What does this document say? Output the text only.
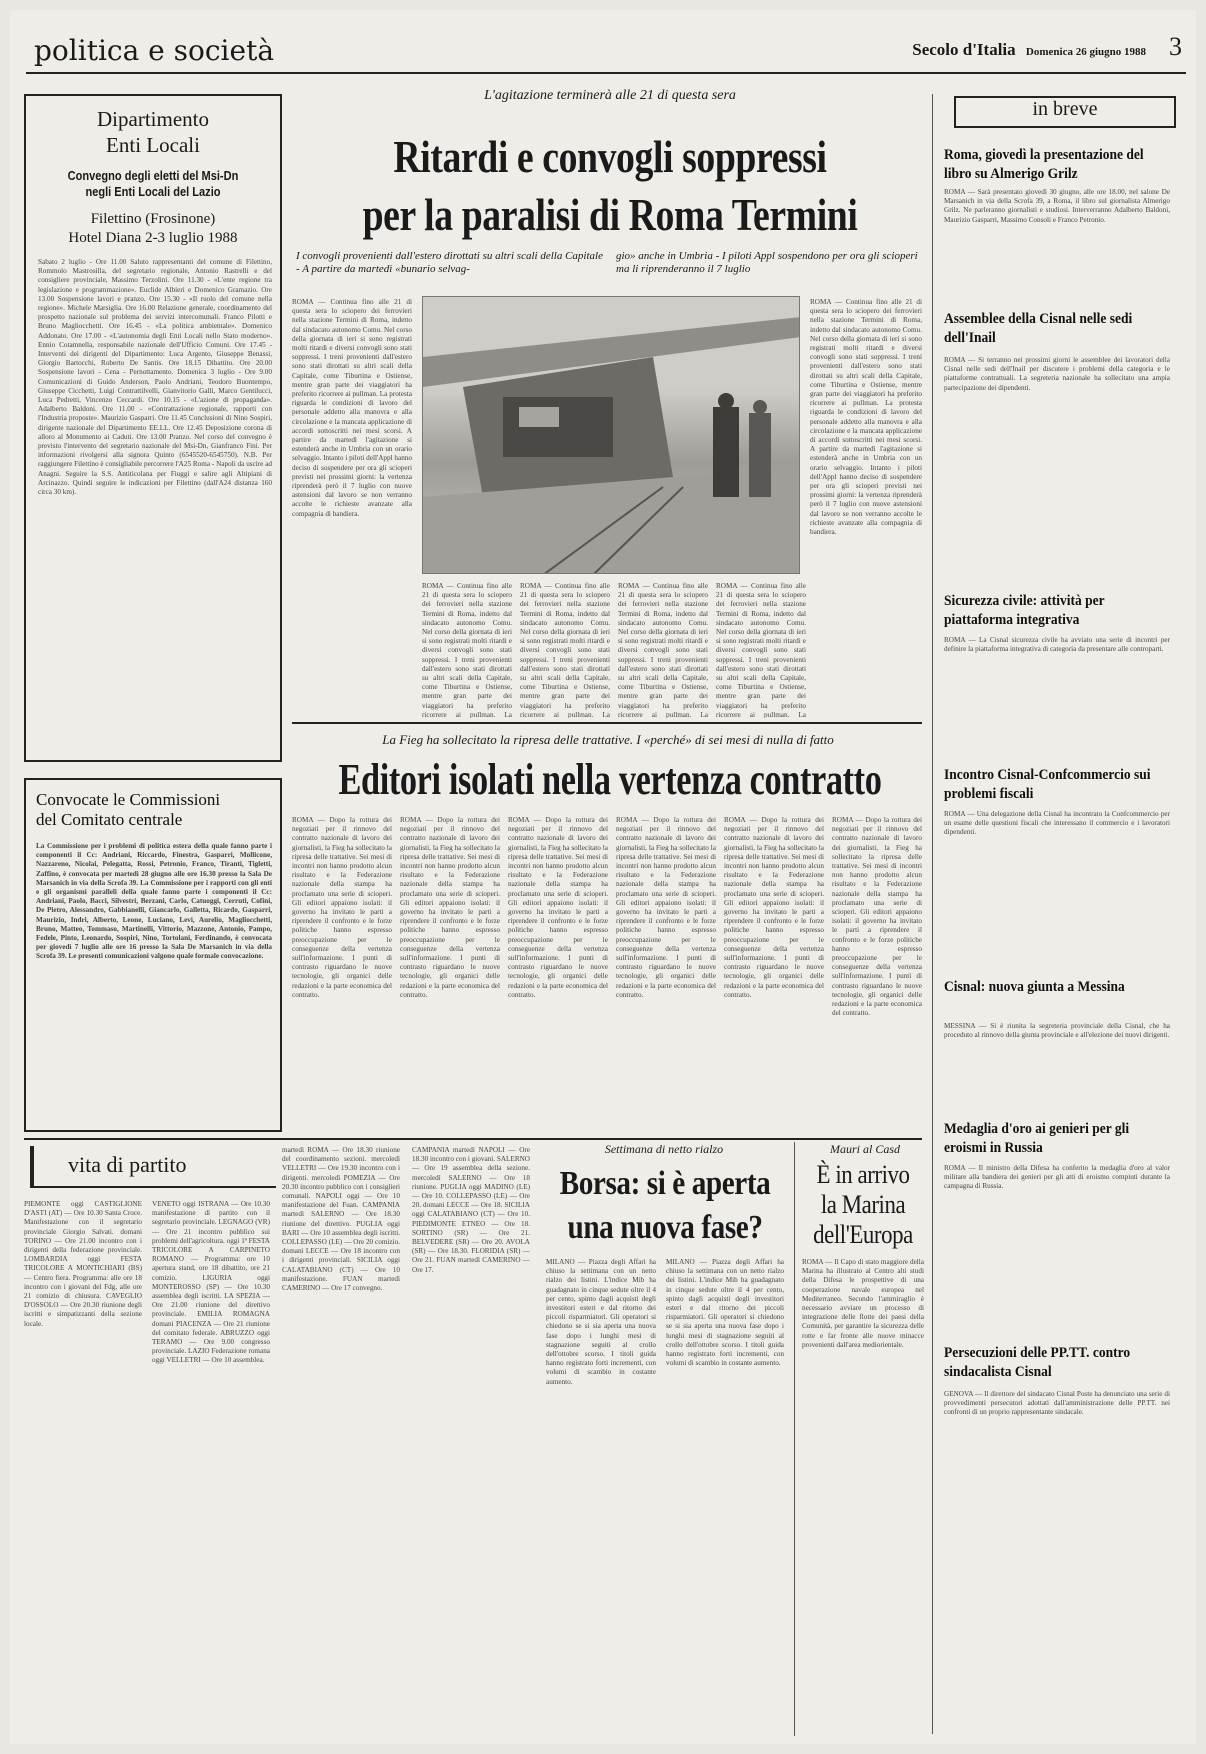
politica e società	Secolo d'Italia Domenica 26 giugno 1988 3
Dipartimento
Enti Locali
Convegno degli eletti del Msi-Dn
negli Enti Locali del Lazio
Filettino (Frosinone)
Hotel Diana 2-3 luglio 1988
Sabato 2 luglio - Ore 11.00 Saluto rappresentanti del comune di Filettino, Rommolo Mastrosilla, del segretario regionale, Antonio Rastrelli e del consigliere provinciale, Massimo Terzolini. Ore 11.30 - «L'ente regione tra legislazione e programmazione». Euclide Albieri e Domenico Gramazio. Ore 13.00 Sospensione lavori e pranzo. Ore 15.30 - «Il ruolo del comune nella regione». Michele Marsiglia. Ore 16.00 Relazione generale, coordinamento del prospetto nazionale sul problema dei servizi intercomunali. Franco Pilotti e Bruno Magliocchetti. Ore 16.45 - «La politica ambientale». Domenico Addonato. Ore 17.00 - «L'autonomia degli Enti Locali nello Stato moderno». Ennio Cotamnella, responsabile nazionale dell'Ufficio Comuni. Ore 17.45 - Interventi dei dirigenti del Dipartimento: Luca Argento, Giuseppe Benassi, Giorgio Bartocchi, Roberto De Santis. Ore 18.15 Dibattito. Ore 20.00 Sospensione lavori - Cena - Pernottamento. Domenica 3 luglio - Ore 9.00 Comunicazioni di Guido Anderson, Paolo Andriani, Teodoro Buontempo, Giuseppe Cicchetti, Luigi Contrattilvelli, Gianvitorio Galli, Marco Gentilucci, Luca Pedretti, Vincenzo Ceccardi. Ore 10.15 - «L'azione di propaganda». Adalberto Baldoni. Ore 11.00 - «Contrattazione regionale, rapporti con l'Industria proposte». Maurizio Gasparri. Ore 11.45 Conclusioni di Nino Sospiri, dirigente nazionale del Dipartimento EE.LL. Ore 12.45 Deposizione corona di alloro al Monumento ai Caduti. Ore 13.00 Pranzo. Nel corso del convegno è previsto l'intervento del segretario nazionale del Msi-Dn, Gianfranco Fini. Per informazioni rivolgersi alla signora Quinto (6545520-6545750). N.B. Per raggiungere Filettino è consigliabile percorrere l'A25 Roma - Napoli da uscire ad Anagni. Seguire la S.S. Antiticolana per Fiuggi e salire agli Altipiani di Arcinazzo. Quindi seguire le indicazioni per Filettino (dall'A24 distanza 160 circa 30 km).
L'agitazione terminerà alle 21 di questa sera
Ritardi e convogli soppressi
per la paralisi di Roma Termini
I convogli provenienti dall'estero dirottati su altri scali della Capitale - A partire da martedì «bunario selvag-
gio» anche in Umbria - I piloti Appl sospendono per ora gli scioperi ma li riprenderanno il 7 luglio
ROMA — Continua fino alle 21 di questa sera lo sciopero dei ferrovieri nella stazione Termini di Roma, indetto dal sindacato autonomo Comu. Nel corso della giornata di ieri si sono registrati molti ritardi e diversi convogli sono stati soppressi. I treni provenienti dall'estero sono stati dirottati su altri scali della Capitale, come Tiburtina e Ostiense, mentre gran parte dei viaggiatori ha preferito ricorrere ai pullman. La protesta riguarda le condizioni di lavoro del personale addetto alla manovra e alla circolazione e la mancata applicazione di accordi sottoscritti nei mesi scorsi. A partire da martedì l'agitazione si estenderà anche in Umbria con un orario selvaggio. Intanto i piloti dell'Appl hanno deciso di sospendere per ora gli scioperi previsti nei prossimi giorni: la vertenza riprenderà però il 7 luglio con nuove astensioni dal lavoro se non verranno accolte le richieste avanzate alla compagnia di bandiera.
ROMA — Continua fino alle 21 di questa sera lo sciopero dei ferrovieri nella stazione Termini di Roma, indetto dal sindacato autonomo Comu. Nel corso della giornata di ieri si sono registrati molti ritardi e diversi convogli sono stati soppressi. I treni provenienti dall'estero sono stati dirottati su altri scali della Capitale, come Tiburtina e Ostiense, mentre gran parte dei viaggiatori ha preferito ricorrere ai pullman. La
ROMA — Continua fino alle 21 di questa sera lo sciopero dei ferrovieri nella stazione Termini di Roma, indetto dal sindacato autonomo Comu. Nel corso della giornata di ieri si sono registrati molti ritardi e diversi convogli sono stati soppressi. I treni provenienti dall'estero sono stati dirottati su altri scali della Capitale, come Tiburtina e Ostiense, mentre gran parte dei viaggiatori ha preferito ricorrere ai pullman. La
ROMA — Continua fino alle 21 di questa sera lo sciopero dei ferrovieri nella stazione Termini di Roma, indetto dal sindacato autonomo Comu. Nel corso della giornata di ieri si sono registrati molti ritardi e diversi convogli sono stati soppressi. I treni provenienti dall'estero sono stati dirottati su altri scali della Capitale, come Tiburtina e Ostiense, mentre gran parte dei viaggiatori ha preferito ricorrere ai pullman. La
ROMA — Continua fino alle 21 di questa sera lo sciopero dei ferrovieri nella stazione Termini di Roma, indetto dal sindacato autonomo Comu. Nel corso della giornata di ieri si sono registrati molti ritardi e diversi convogli sono stati soppressi. I treni provenienti dall'estero sono stati dirottati su altri scali della Capitale, come Tiburtina e Ostiense, mentre gran parte dei viaggiatori ha preferito ricorrere ai pullman. La
ROMA — Continua fino alle 21 di questa sera lo sciopero dei ferrovieri nella stazione Termini di Roma, indetto dal sindacato autonomo Comu. Nel corso della giornata di ieri si sono registrati molti ritardi e diversi convogli sono stati soppressi. I treni provenienti dall'estero sono stati dirottati su altri scali della Capitale, come Tiburtina e Ostiense, mentre gran parte dei viaggiatori ha preferito ricorrere ai pullman. La protesta riguarda le condizioni di lavoro del personale addetto alla manovra e alla circolazione e la mancata applicazione di accordi sottoscritti nei mesi scorsi. A partire da martedì l'agitazione si estenderà anche in Umbria con un orario selvaggio. Intanto i piloti dell'Appl hanno deciso di sospendere per ora gli scioperi previsti nei prossimi giorni: la vertenza riprenderà però il 7 luglio con nuove astensioni dal lavoro se non verranno accolte le richieste avanzate alla compagnia di bandiera.
in breve
Roma, giovedì la presentazione del libro su Almerigo Grilz
ROMA — Sarà presentato giovedì 30 giugno, alle ore 18.00, nel salone De Marsanich in via della Scrofa 39, a Roma, il libro sul giornalista Almerigo Grilz. Ne parleranno giornalisti e studiosi. Interverranno Adalberto Baldoni, Maurizio Gasparri, Massimo Consoli e Franco Petronio.
Assemblee della Cisnal nelle sedi dell'Inail
ROMA — Si terranno nei prossimi giorni le assemblee dei lavoratori della Cisnal nelle sedi dell'Inail per discutere i problemi della categoria e le piattaforme contrattuali. La segreteria nazionale ha sollecitato una ampia partecipazione dei dipendenti.
Sicurezza civile: attività per piattaforma integrativa
ROMA — La Cisnal sicurezza civile ha avviato una serie di incontri per definire la piattaforma integrativa di categoria da presentare alle controparti.
Incontro Cisnal-Confcommercio sui problemi fiscali
ROMA — Una delegazione della Cisnal ha incontrato la Confcommercio per un esame delle questioni fiscali che interessano il commercio e i lavoratori dipendenti.
Cisnal: nuova giunta a Messina
MESSINA — Si è riunita la segreteria provinciale della Cisnal, che ha proceduto al rinnovo della giunta provinciale e all'elezione dei nuovi dirigenti.
Medaglia d'oro ai genieri per gli eroismi in Russia
ROMA — Il ministro della Difesa ha conferito la medaglia d'oro al valor militare alla bandiera dei genieri per gli atti di eroismo compiuti durante la campagna di Russia.
Persecuzioni delle PP.TT. contro sindacalista Cisnal
GENOVA — Il direttore del sindacato Cisnal Poste ha denunciato una serie di provvedimenti persecutori adottati dall'amministrazione delle PP.TT. nei confronti di un proprio rappresentante sindacale.
La Fieg ha sollecitato la ripresa delle trattative. I «perché» di sei mesi di nulla di fatto
Editori isolati nella vertenza contratto
ROMA — Dopo la rottura dei negoziati per il rinnovo del contratto nazionale di lavoro dei giornalisti, la Fieg ha sollecitato la ripresa delle trattative. Sei mesi di incontri non hanno prodotto alcun risultato e la Federazione nazionale della stampa ha proclamato una serie di scioperi. Gli editori appaiono isolati: il governo ha invitato le parti a riprendere il confronto e le forze politiche hanno espresso preoccupazione per le conseguenze della vertenza sull'informazione. I punti di contrasto riguardano le nuove tecnologie, gli organici delle redazioni e la parte economica del contratto.
ROMA — Dopo la rottura dei negoziati per il rinnovo del contratto nazionale di lavoro dei giornalisti, la Fieg ha sollecitato la ripresa delle trattative. Sei mesi di incontri non hanno prodotto alcun risultato e la Federazione nazionale della stampa ha proclamato una serie di scioperi. Gli editori appaiono isolati: il governo ha invitato le parti a riprendere il confronto e le forze politiche hanno espresso preoccupazione per le conseguenze della vertenza sull'informazione. I punti di contrasto riguardano le nuove tecnologie, gli organici delle redazioni e la parte economica del contratto.
ROMA — Dopo la rottura dei negoziati per il rinnovo del contratto nazionale di lavoro dei giornalisti, la Fieg ha sollecitato la ripresa delle trattative. Sei mesi di incontri non hanno prodotto alcun risultato e la Federazione nazionale della stampa ha proclamato una serie di scioperi. Gli editori appaiono isolati: il governo ha invitato le parti a riprendere il confronto e le forze politiche hanno espresso preoccupazione per le conseguenze della vertenza sull'informazione. I punti di contrasto riguardano le nuove tecnologie, gli organici delle redazioni e la parte economica del contratto.
ROMA — Dopo la rottura dei negoziati per il rinnovo del contratto nazionale di lavoro dei giornalisti, la Fieg ha sollecitato la ripresa delle trattative. Sei mesi di incontri non hanno prodotto alcun risultato e la Federazione nazionale della stampa ha proclamato una serie di scioperi. Gli editori appaiono isolati: il governo ha invitato le parti a riprendere il confronto e le forze politiche hanno espresso preoccupazione per le conseguenze della vertenza sull'informazione. I punti di contrasto riguardano le nuove tecnologie, gli organici delle redazioni e la parte economica del contratto.
ROMA — Dopo la rottura dei negoziati per il rinnovo del contratto nazionale di lavoro dei giornalisti, la Fieg ha sollecitato la ripresa delle trattative. Sei mesi di incontri non hanno prodotto alcun risultato e la Federazione nazionale della stampa ha proclamato una serie di scioperi. Gli editori appaiono isolati: il governo ha invitato le parti a riprendere il confronto e le forze politiche hanno espresso preoccupazione per le conseguenze della vertenza sull'informazione. I punti di contrasto riguardano le nuove tecnologie, gli organici delle redazioni e la parte economica del contratto.
ROMA — Dopo la rottura dei negoziati per il rinnovo del contratto nazionale di lavoro dei giornalisti, la Fieg ha sollecitato la ripresa delle trattative. Sei mesi di incontri non hanno prodotto alcun risultato e la Federazione nazionale della stampa ha proclamato una serie di scioperi. Gli editori appaiono isolati: il governo ha invitato le parti a riprendere il confronto e le forze politiche hanno espresso preoccupazione per le conseguenze della vertenza sull'informazione. I punti di contrasto riguardano le nuove tecnologie, gli organici delle redazioni e la parte economica del contratto.
Convocate le Commissioni
del Comitato centrale
La Commissione per i problemi di politica estera della quale fanno parte i componenti il Cc: Andriani, Riccardo, Finestra, Gasparri, Mollicone, Nazzareno, Nicolai, Pelegatta, Rossi, Petronio, Franco, Tiranti, Tigletti, Zaffino, è convocata per martedì 28 giugno alle ore 16.30 presso la Sala De Marsanich in via della Scrofa 39. La Commissione per i rapporti con gli enti e gli organismi paralleli della quale fanno parte i componenti il Cc: Andriani, Paolo, Bacci, Silvestri, Berzani, Carlo, Catuoggi, Cerruti, Cofini, De Pietro, Alessandro, Gabbianelli, Giancarlo, Galletta, Ricardo, Gasparri, Maurizio, Indri, Alberto, Leone, Luciano, Levi, Aurelio, Magliocchetti, Bruno, Matteo, Tommaso, Martinelli, Vittorio, Mazzone, Antonio, Pampo, Fedele, Pinto, Leonardo, Sospiri, Nino, Tortolani, Ferdinando, è convocata per giovedì 7 luglio alle ore 16 presso la Sala De Marsanich in via della Scrofa 39. Le presenti comunicazioni valgono quale formale convocazione.
vita di partito
PIEMONTE oggi CASTIGLIONE D'ASTI (AT) — Ore 10.30 Santa Croce. Manifestazione con il segretario provinciale Giorgio Salvati. domani TORINO — Ore 21.00 incontro con i dirigenti della federazione provinciale. LOMBARDIA oggi FESTA TRICOLORE A MONTICHIARI (BS) — Centro fiera. Programma: alle ore 18 incontro con i giovani del Fdg, alle ore 21 comizio di chiusura. CAVEGLIO D'OSSOLO — Ore 20.30 riunione degli iscritti e simpatizzanti della sezione locale.
VENETO oggi ISTRANA — Ore 10.30 manifestazione di partito con il segretario provinciale. LEGNAGO (VR) — Ore 21 incontro pubblico sui problemi dell'agricoltura. oggi 1ª FESTA TRICOLORE A CARPINETO ROMANO — Programma: ore 10 apertura stand, ore 18 dibattito, ore 21 comizio. LIGURIA oggi MONTEROSSO (SP) — Ore 10.30 assemblea degli iscritti. LA SPEZIA — Ore 21.00 riunione del direttivo provinciale. EMILIA ROMAGNA domani PIACENZA — Ore 21 riunione del comitato federale. ABRUZZO oggi TERAMO — Ore 9.00 congresso provinciale. LAZIO Federazione romana oggi VELLETRI — Ore 10 assemblea.
martedì ROMA — Ore 18.30 riunione del coordinamento sezioni. mercoledì VELLETRI — Ore 19.30 incontro con i dirigenti. mercoledì POMEZIA — Ore 20.30 incontro pubblico con i consiglieri comunali. NAPOLI oggi — Ore 10 manifestazione del Fuan. CAMPANIA martedì SALERNO — Ore 18.30 riunione del direttivo. PUGLIA oggi BARI — Ore 10 assemblea degli iscritti. COLLEPASSO (LE) — Ore 20 comizio. domani LECCE — Ore 18 incontro con i dirigenti provinciali. SICILIA oggi CALATABIANO (CT) — Ore 10 manifestazione. FUAN martedì CAMERINO — Ore 17 convegno.
CAMPANIA martedì NAPOLI — Ore 18.30 incontro con i giovani. SALERNO — Ore 19 assemblea della sezione. mercoledì SALERNO — Ore 18 riunione. PUGLIA oggi MADINO (LE) — Ore 10. COLLEPASSO (LE) — Ore 20. domani LECCE — Ore 18. SICILIA oggi CALATABIANO (CT) — Ore 10. PIEDIMONTE ETNEO — Ore 18. SORTINO (SR) — Ore 21. BELVEDERE (SR) — Ore 20. AVOLA (SR) — Ore 18.30. FLORIDIA (SR) — Ore 21. FUAN martedì CAMERINO — Ore 17.
Settimana di netto rialzo
Borsa: si è aperta
una nuova fase?
MILANO — Piazza degli Affari ha chiuso la settimana con un netto rialzo dei listini. L'indice Mib ha guadagnato in cinque sedute oltre il 4 per cento, spinto dagli acquisti degli investitori esteri e dal ritorno dei piccoli risparmiatori. Gli operatori si chiedono se si sia aperta una nuova fase dopo i lunghi mesi di stagnazione seguiti al crollo dell'ottobre scorso. I titoli guida hanno registrato forti incrementi, con volumi di scambio in costante aumento.
MILANO — Piazza degli Affari ha chiuso la settimana con un netto rialzo dei listini. L'indice Mib ha guadagnato in cinque sedute oltre il 4 per cento, spinto dagli acquisti degli investitori esteri e dal ritorno dei piccoli risparmiatori. Gli operatori si chiedono se si sia aperta una nuova fase dopo i lunghi mesi di stagnazione seguiti al crollo dell'ottobre scorso. I titoli guida hanno registrato forti incrementi, con volumi di scambio in costante aumento.
Mauri al Casd
È in arrivo
la Marina
dell'Europa
ROMA — Il Capo di stato maggiore della Marina ha illustrato al Centro alti studi della Difesa le prospettive di una cooperazione navale europea nel Mediterraneo. Secondo l'ammiraglio è necessario avviare un processo di integrazione delle flotte dei paesi della Comunità, per garantire la sicurezza delle rotte e far fronte alle nuove minacce provenienti dall'area mediorientale.
